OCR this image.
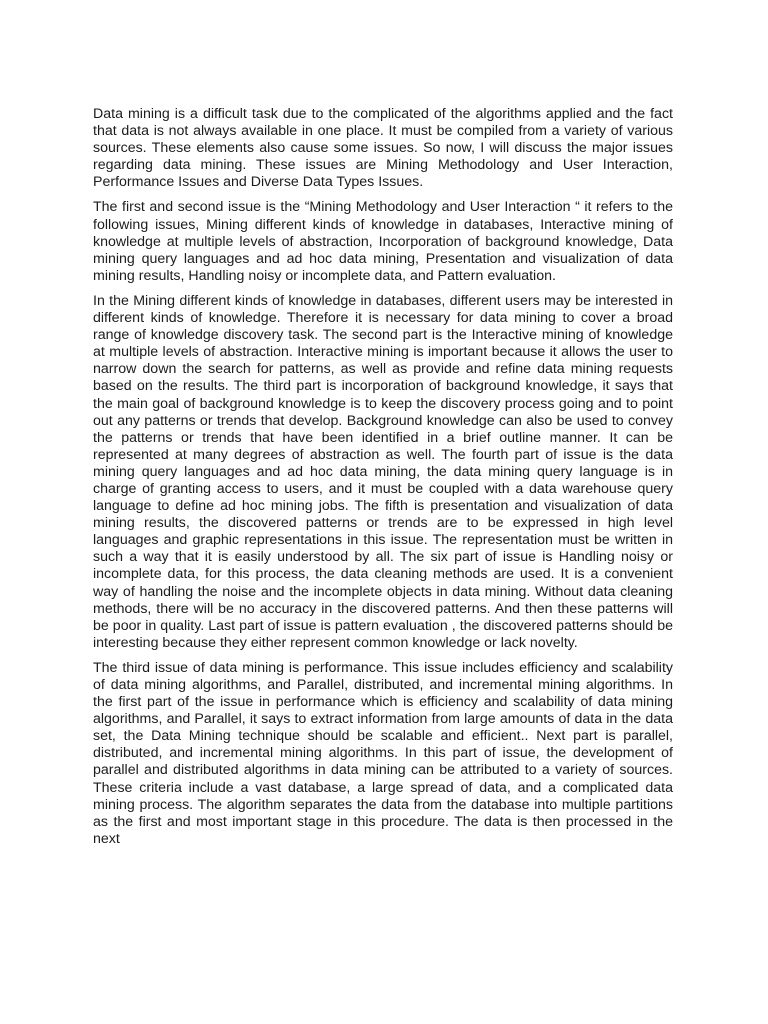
Data mining is a difficult task due to the complicated of the algorithms applied and the fact that data is not always available in one place. It must be compiled from a variety of various sources. These elements also cause some issues. So now, I will discuss the major issues regarding data mining. These issues are Mining Methodology and User Interaction, Performance Issues and Diverse Data Types Issues.

The first and second issue is the “Mining Methodology and User Interaction “ it refers to the following issues, Mining different kinds of knowledge in databases, Interactive mining of knowledge at multiple levels of abstraction, Incorporation of background knowledge, Data mining query languages and ad hoc data mining, Presentation and visualization of data mining results, Handling noisy or incomplete data, and Pattern evaluation.

In the Mining different kinds of knowledge in databases, different users may be interested in different kinds of knowledge. Therefore it is necessary for data mining to cover a broad range of knowledge discovery task. The second part is the Interactive mining of knowledge at multiple levels of abstraction. Interactive mining is important because it allows the user to narrow down the search for patterns, as well as provide and refine data mining requests based on the results. The third part is incorporation of background knowledge, it says that the main goal of background knowledge is to keep the discovery process going and to point out any patterns or trends that develop. Background knowledge can also be used to convey the patterns or trends that have been identified in a brief outline manner. It can be represented at many degrees of abstraction as well. The fourth part of issue is the data mining query languages and ad hoc data mining, the data mining query language is in charge of granting access to users, and it must be coupled with a data warehouse query language to define ad hoc mining jobs. The fifth is presentation and visualization of data mining results, the discovered patterns or trends are to be expressed in high level languages and graphic representations in this issue. The representation must be written in such a way that it is easily understood by all. The six part of issue is Handling noisy or incomplete data, for this process, the data cleaning methods are used. It is a convenient way of handling the noise and the incomplete objects in data mining. Without data cleaning methods, there will be no accuracy in the discovered patterns. And then these patterns will be poor in quality. Last part of issue is pattern evaluation , the discovered patterns should be interesting because they either represent common knowledge or lack novelty.

The third issue of data mining is performance. This issue includes efficiency and scalability of data mining algorithms, and Parallel, distributed, and incremental mining algorithms. In the first part of the issue in performance which is efficiency and scalability of data mining algorithms, and Parallel, it says to extract information from large amounts of data in the data set, the Data Mining technique should be scalable and efficient.. Next part is parallel, distributed, and incremental mining algorithms. In this part of issue, the development of parallel and distributed algorithms in data mining can be attributed to a variety of sources. These criteria include a vast database, a large spread of data, and a complicated data mining process. The algorithm separates the data from the database into multiple partitions as the first and most important stage in this procedure. The data is then processed in the next
